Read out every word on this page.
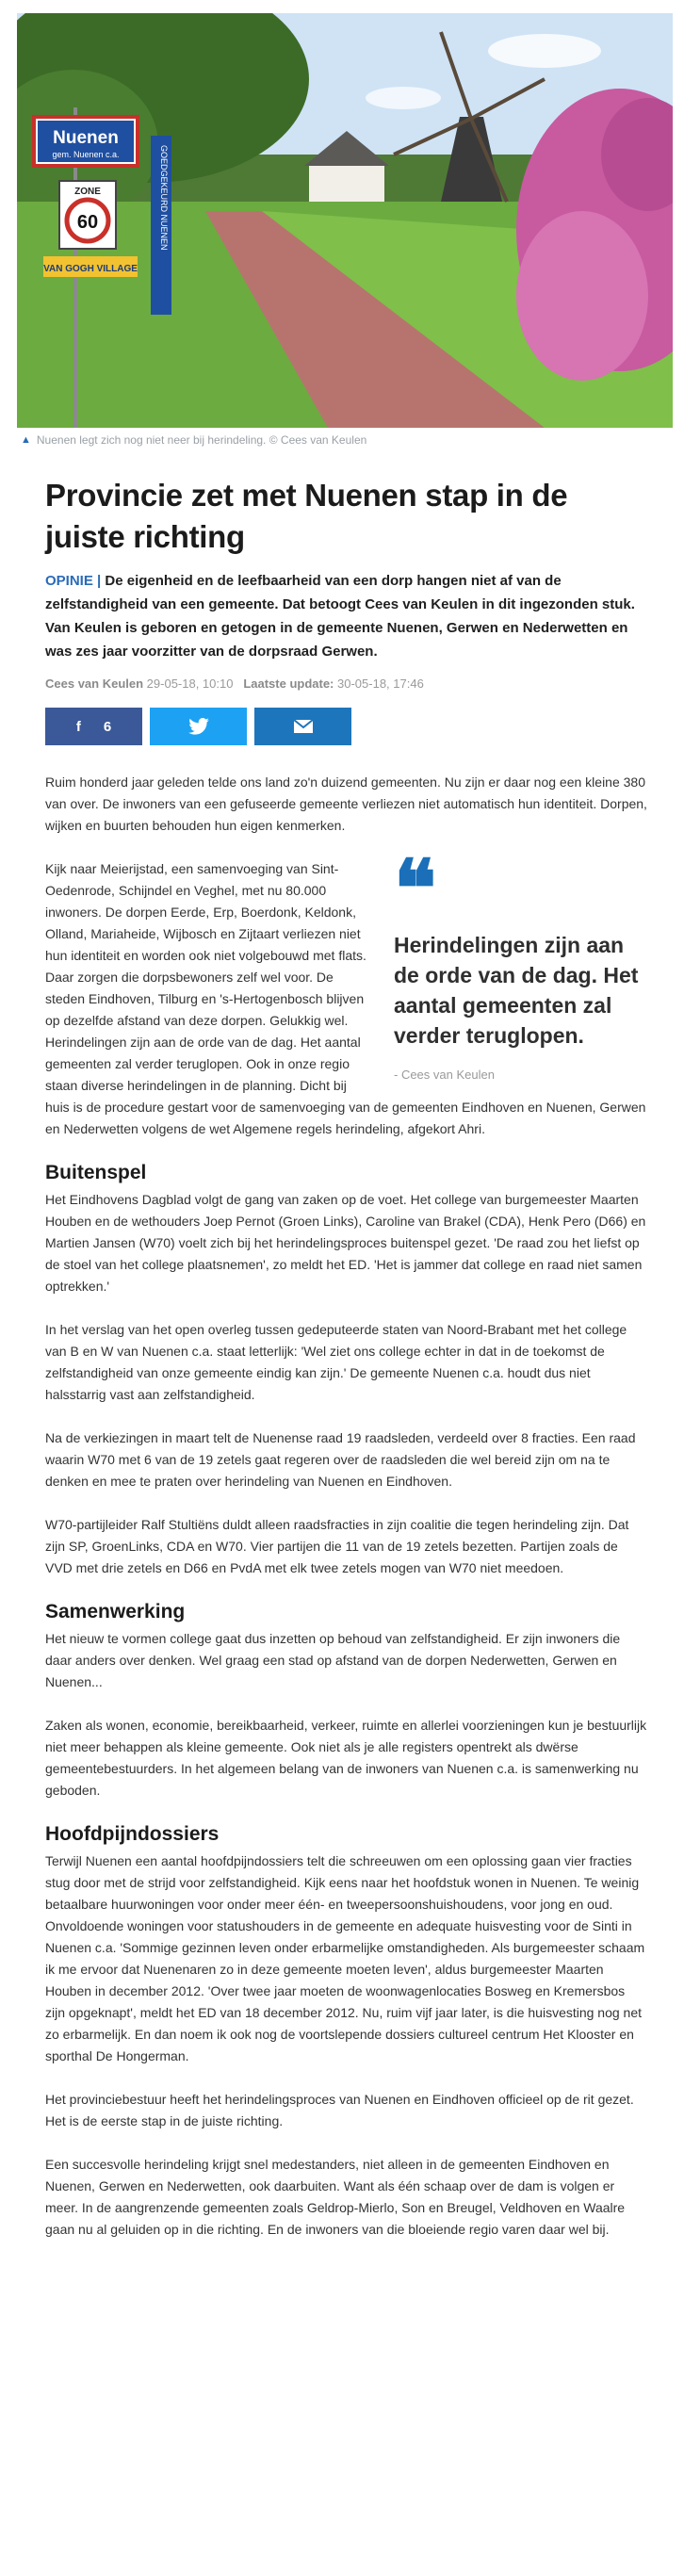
Nuenen
gem. Nuenen c.a.
ZONE
60
VAN GOGH VILLAGE
GOEDGEKEURD NUENEN
▲ Nuenen legt zich nog niet neer bij herindeling. © Cees van Keulen
Provincie zet met Nuenen stap in de juiste richting

OPINIE | De eigenheid en de leefbaarheid van een dorp hangen niet af van de zelfstandigheid van een gemeente. Dat betoogt Cees van Keulen in dit ingezonden stuk. Van Keulen is geboren en getogen in de gemeente Nuenen, Gerwen en Nederwetten en was zes jaar voorzitter van de dorpsraad Gerwen.

Cees van Keulen 29-05-18, 10:10 Laatste update: 30-05-18, 17:46
f 6

Ruim honderd jaar geleden telde ons land zo'n duizend gemeenten. Nu zijn er daar nog een kleine 380 van over. De inwoners van een gefuseerde gemeente verliezen niet automatisch hun identiteit. Dorpen, wijken en buurten behouden hun eigen kenmerken.

❝
Herindelingen zijn aan de orde van de dag. Het aantal gemeenten zal verder teruglopen.
- Cees van Keulen

Kijk naar Meierijstad, een samenvoeging van Sint-Oedenrode, Schijndel en Veghel, met nu 80.000 inwoners. De dorpen Eerde, Erp, Boerdonk, Keldonk, Olland, Mariaheide, Wijbosch en Zijtaart verliezen niet hun identiteit en worden ook niet volgebouwd met flats. Daar zorgen die dorpsbewoners zelf wel voor. De steden Eindhoven, Tilburg en 's-Hertogenbosch blijven op dezelfde afstand van deze dorpen. Gelukkig wel. Herindelingen zijn aan de orde van de dag. Het aantal gemeenten zal verder teruglopen. Ook in onze regio staan diverse herindelingen in de planning. Dicht bij huis is de procedure gestart voor de samenvoeging van de gemeenten Eindhoven en Nuenen, Gerwen en Nederwetten volgens de wet Algemene regels herindeling, afgekort Ahri.

Buitenspel

Het Eindhovens Dagblad volgt de gang van zaken op de voet. Het college van burgemeester Maarten Houben en de wethouders Joep Pernot (Groen Links), Caroline van Brakel (CDA), Henk Pero (D66) en Martien Jansen (W70) voelt zich bij het herindelingsproces buitenspel gezet. 'De raad zou het liefst op de stoel van het college plaatsnemen', zo meldt het ED. 'Het is jammer dat college en raad niet samen optrekken.'

In het verslag van het open overleg tussen gedeputeerde staten van Noord-Brabant met het college van B en W van Nuenen c.a. staat letterlijk: 'Wel ziet ons college echter in dat in de toekomst de zelfstandigheid van onze gemeente eindig kan zijn.' De gemeente Nuenen c.a. houdt dus niet halsstarrig vast aan zelfstandigheid.

Na de verkiezingen in maart telt de Nuenense raad 19 raadsleden, verdeeld over 8 fracties. Een raad waarin W70 met 6 van de 19 zetels gaat regeren over de raadsleden die wel bereid zijn om na te denken en mee te praten over herindeling van Nuenen en Eindhoven.

W70-partijleider Ralf Stultiëns duldt alleen raadsfracties in zijn coalitie die tegen herindeling zijn. Dat zijn SP, GroenLinks, CDA en W70. Vier partijen die 11 van de 19 zetels bezetten. Partijen zoals de VVD met drie zetels en D66 en PvdA met elk twee zetels mogen van W70 niet meedoen.

Samenwerking

Het nieuw te vormen college gaat dus inzetten op behoud van zelfstandigheid. Er zijn inwoners die daar anders over denken. Wel graag een stad op afstand van de dorpen Nederwetten, Gerwen en Nuenen...

Zaken als wonen, economie, bereikbaarheid, verkeer, ruimte en allerlei voorzieningen kun je bestuurlijk niet meer behappen als kleine gemeente. Ook niet als je alle registers opentrekt als dwërse gemeentebestuurders. In het algemeen belang van de inwoners van Nuenen c.a. is samenwerking nu geboden.

Hoofdpijndossiers

Terwijl Nuenen een aantal hoofdpijndossiers telt die schreeuwen om een oplossing gaan vier fracties stug door met de strijd voor zelfstandigheid. Kijk eens naar het hoofdstuk wonen in Nuenen. Te weinig betaalbare huurwoningen voor onder meer één- en tweepersoonshuishoudens, voor jong en oud. Onvoldoende woningen voor statushouders in de gemeente en adequate huisvesting voor de Sinti in Nuenen c.a. 'Sommige gezinnen leven onder erbarmelijke omstandigheden. Als burgemeester schaam ik me ervoor dat Nuenenaren zo in deze gemeente moeten leven', aldus burgemeester Maarten Houben in december 2012. 'Over twee jaar moeten de woonwagenlocaties Bosweg en Kremersbos zijn opgeknapt', meldt het ED van 18 december 2012. Nu, ruim vijf jaar later, is die huisvesting nog net zo erbarmelijk. En dan noem ik ook nog de voortslepende dossiers cultureel centrum Het Klooster en sporthal De Hongerman.

Het provinciebestuur heeft het herindelingsproces van Nuenen en Eindhoven officieel op de rit gezet. Het is de eerste stap in de juiste richting.

Een succesvolle herindeling krijgt snel medestanders, niet alleen in de gemeenten Eindhoven en Nuenen, Gerwen en Nederwetten, ook daarbuiten. Want als één schaap over de dam is volgen er meer. In de aangrenzende gemeenten zoals Geldrop-Mierlo, Son en Breugel, Veldhoven en Waalre gaan nu al geluiden op in die richting. En de inwoners van die bloeiende regio varen daar wel bij.
